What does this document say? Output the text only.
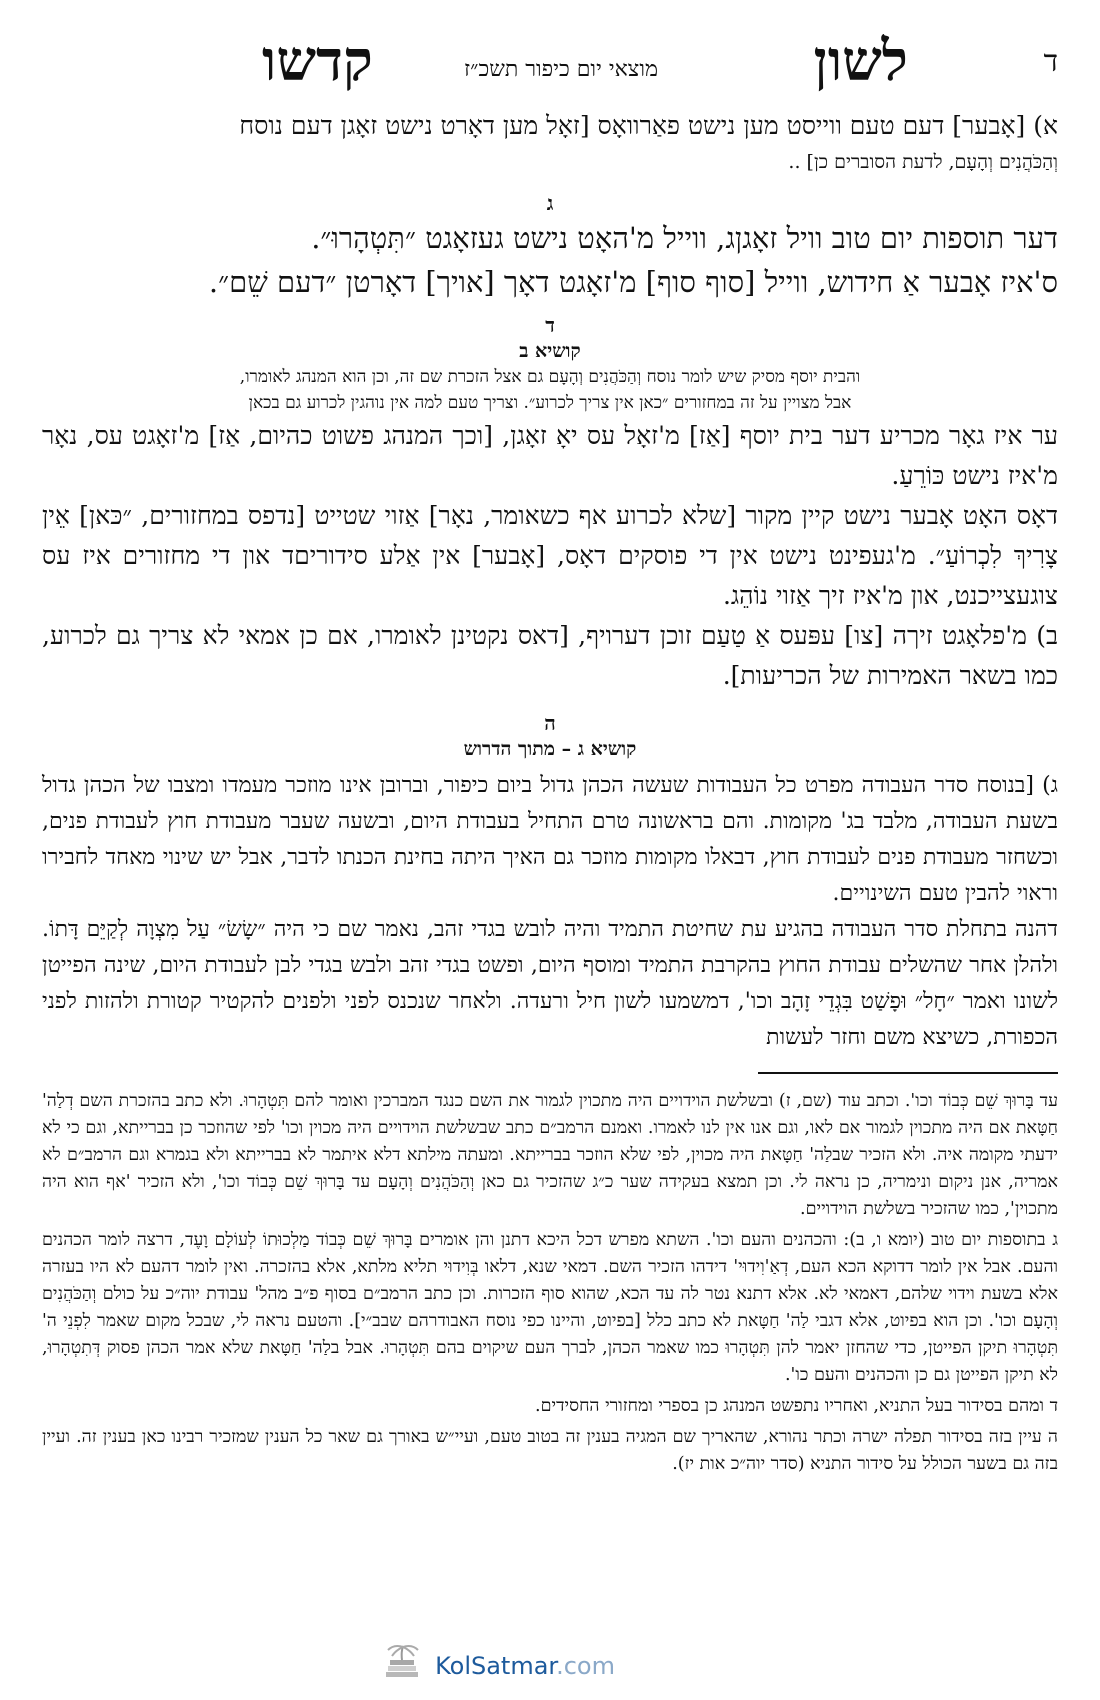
ד
לשון
מוצאי יום כיפור תשכ״ז
קדשו

א) [אָבער] דעם טעם ווייסט מען נישט פאַרוואָס [זאָל מען דאָרט נישט זאָגן דעם נוסח

וְהַכֹּהֲנִים וְהָעָם, לדעת הסוברים כן] ..

ג

דער תוספות יום טוב וויל זאָגןג, ווייל מ'האָט נישט געזאָגט ״תִּטְהָרוּ״.

ס'איז אָבער אַ חידוש, ווייל [סוף סוף] מ'זאָגט דאָך [אויך] דאָרטן ״דעם שֵׁם״.

ד
קושיא ב
והבית יוסף מסיק שיש לומר נוסח וְהַכֹּהֲנִים וְהָעָם גם אצל הזכרת שם זה, וכן הוא המנהג לאומרו,
אבל מצויין על זה במחזורים ״כאן אין צריך לכרוע״. וצריך טעם למה אין נוהגין לכרוע גם בכאן

ער איז גאָר מכריע דער בית יוסף [אַז] מ'זאָל עס יאָ זאָגן, [וכך המנהג פשוט כהיום, אַז] מ'זאָגט עס, נאָר מ'איז נישט כּוֹרֵעַ.

דאָס האָט אָבער נישט קיין מקור [שלא לכרוע אף כשאומר, נאָר] אַזוי שטייט [נדפס במחזורים, ״כּאן] אֵין צָרִיךְ לִכְרוֹעַ״. מ'געפינט נישט אין די פוסקים דאָס, [אָבער] אין אַלע סידוריםד און די מחזורים איז עס צוגעצייכנט, און מ'איז זיך אַזוי נוֹהֵג.

ב) מ'פלאָגט זיךה [צו] עפּעס אַ טַעַם זוכן דערויף, [דאס נקטינן לאומרו, אם כן אמאי לא צריך גם לכרוע, כמו בשאר האמירות של הכריעות].

ה
קושיא ג – מתוך הדרוש

ג) [בנוסח סדר העבודה מפרט כל העבודות שעשה הכהן גדול ביום כיפור, וברובן אינו מוזכר מעמדו ומצבו של הכהן גדול בשעת העבודה, מלבד בג' מקומות. והם בראשונה טרם התחיל בעבודת היום, ובשעה שעבר מעבודת חוץ לעבודת פנים, וכשחזר מעבודת פנים לעבודת חוץ, דבאלו מקומות מוזכר גם האיך היתה בחינת הכנתו לדבר, אבל יש שינוי מאחד לחבירו וראוי להבין טעם השינויים.

דהנה בתחלת סדר העבודה בהגיע עת שחיטת התמיד והיה לובש בגדי זהב, נאמר שם כי היה ״שָׂשׂ״ עַל מִצְוָה לְקַיֵּם דָּתוֹ. ולהלן אחר שהשלים עבודת החוץ בהקרבת התמיד ומוסף היום, ופשט בגדי זהב ולבש בגדי לבן לעבודת היום, שינה הפייטן לשונו ואמר ״חָל״ וּפָשַׁט בִּגְדֵי זָהָב וכו', דמשמעו לשון חיל ורעדה. ולאחר שנכנס לפני ולפנים להקטיר קטורת ולהזות לפני הכפורת, כשיצא משם וחזר לעשות

עד בָּרוּךְ שֵׁם כְּבוֹד וכו'. וכתב עוד (שם, ז) ובשלשת הוידויים היה מתכוין לגמור את השם כנגד המברכין ואומר להם תִּטְהָרוּ. ולא כתב בהזכרת השם דְלַה' חַטָּאת אם היה מתכוין לגמור אם לאו, וגם אנו אין לנו לאמרו. ואמנם הרמב״ם כתב שבשלשת הוידויים היה מכוין וכו' לפי שהוזכר כן בברייתא, וגם כי לא ידעתי מקומה איה. ולא הזכיר שבלַה' חַטָּאת היה מכוין, לפי שלא הוזכר בברייתא. ומעתה מילתא דלא איתמר לא בברייתא ולא בגמרא וגם הרמב״ם לא אמריה, אנן ניקום ונימריה, כן נראה לי. וכן תמצא בעקידה שער כ״ג שהזכיר גם כאן וְהַכֹּהֲנִים וְהָעָם עד בָּרוּךְ שֵׁם כְּבוֹד וכו', ולא הזכיר 'אף הוא היה מתכוין', כמו שהזכיר בשלשת הוידויים.

ג בתוספות יום טוב (יומא ו, ב): והכהנים והעם וכו'. השתא מפרש דכל היכא דתנן והן אומרים בָּרוּךְ שֵׁם כְּבוֹד מַלְכוּתוֹ לְעוֹלָם וָעֶד, דרצה לומר הכהנים והעם. אבל אין לומר דדוקא הכא העם, דְאַ'וִידוּי' דידהו הזכיר השם. דמאי שנא, דלאו בְּוִידוּי תליא מלתא, אלא בהזכרה. ואין לומר דהעם לא היו בעזרה אלא בשעת וידוי שלהם, דאמאי לא. אלא דתנא נטר לה עד הכא, שהוא סוף הזכרות. וכן כתב הרמב״ם בסוף פ״ב מהל' עבודת יוה״כ על כולם וְהַכֹּהֲנִים וְהָעָם וכו'. וכן הוא בפיוט, אלא דגבי לַה' חַטָּאת לא כתב כלל [בפיוט, והיינו כפי נוסח האבודרהם שבב״י]. והטעם נראה לי, שבכל מקום שאמר לִפְנֵי ה' תִּטְהָרוּ תיקן הפייטן, כדי שהחזן יאמר להן תִּטְהָרוּ כמו שאמר הכהן, לברך העם שיקוים בהם תִּטְהָרוּ. אבל בלַה' חַטָּאת שלא אמר הכהן פסוק דְּתִטְהָרוּ, לא תיקן הפייטן גם כן והכהנים והעם כו'.

ד ומהם בסידור בעל התניא, ואחריו נתפשט המנהג כן בספרי ומחזורי החסידים.

ה עיין בזה בסידור תפלה ישרה וכתר נהורא, שהאריך שם המגיה בענין זה בטוב טעם, ועיי״ש באורך גם שאר כל הענין שמזכיר רבינו כאן בענין זה. ועיין בזה גם בשער הכולל על סידור התניא (סדר יוה״כ אות יז).

KolSatmar.com
